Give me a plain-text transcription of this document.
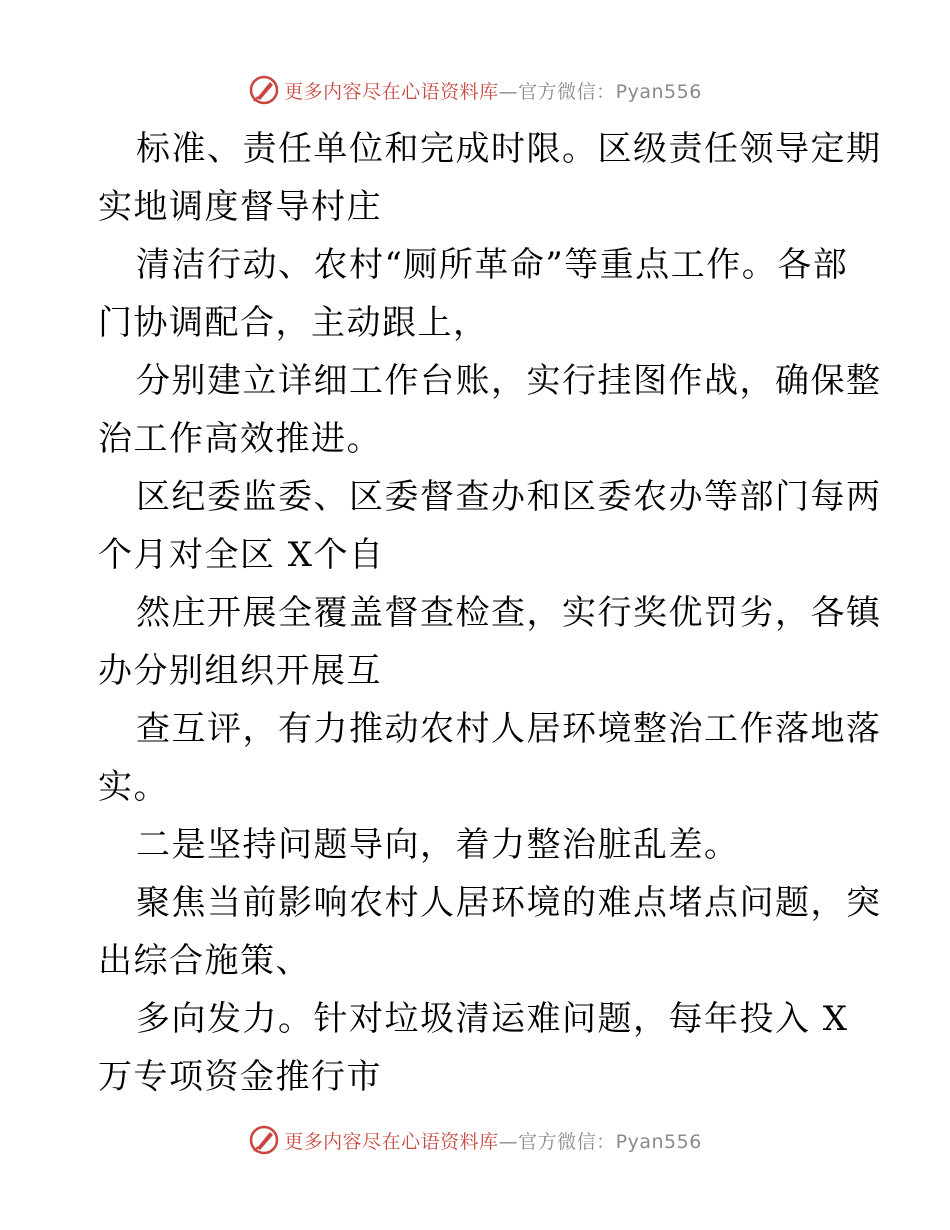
更多内容尽在心语资料库—官方微信：Pyan556
标准、责任单位和完成时限。区级责任领导定期
实地调度督导村庄
清洁行动、农村“厕所革命”等重点工作。各部
门协调配合，主动跟上，
分别建立详细工作台账，实行挂图作战，确保整
治工作高效推进。
区纪委监委、区委督查办和区委农办等部门每两
个月对全区 X个自
然庄开展全覆盖督查检查，实行奖优罚劣，各镇
办分别组织开展互
查互评，有力推动农村人居环境整治工作落地落
实。
二是坚持问题导向，着力整治脏乱差。
聚焦当前影响农村人居环境的难点堵点问题，突
出综合施策、
多向发力。针对垃圾清运难问题，每年投入 X
万专项资金推行市
更多内容尽在心语资料库—官方微信：Pyan556
